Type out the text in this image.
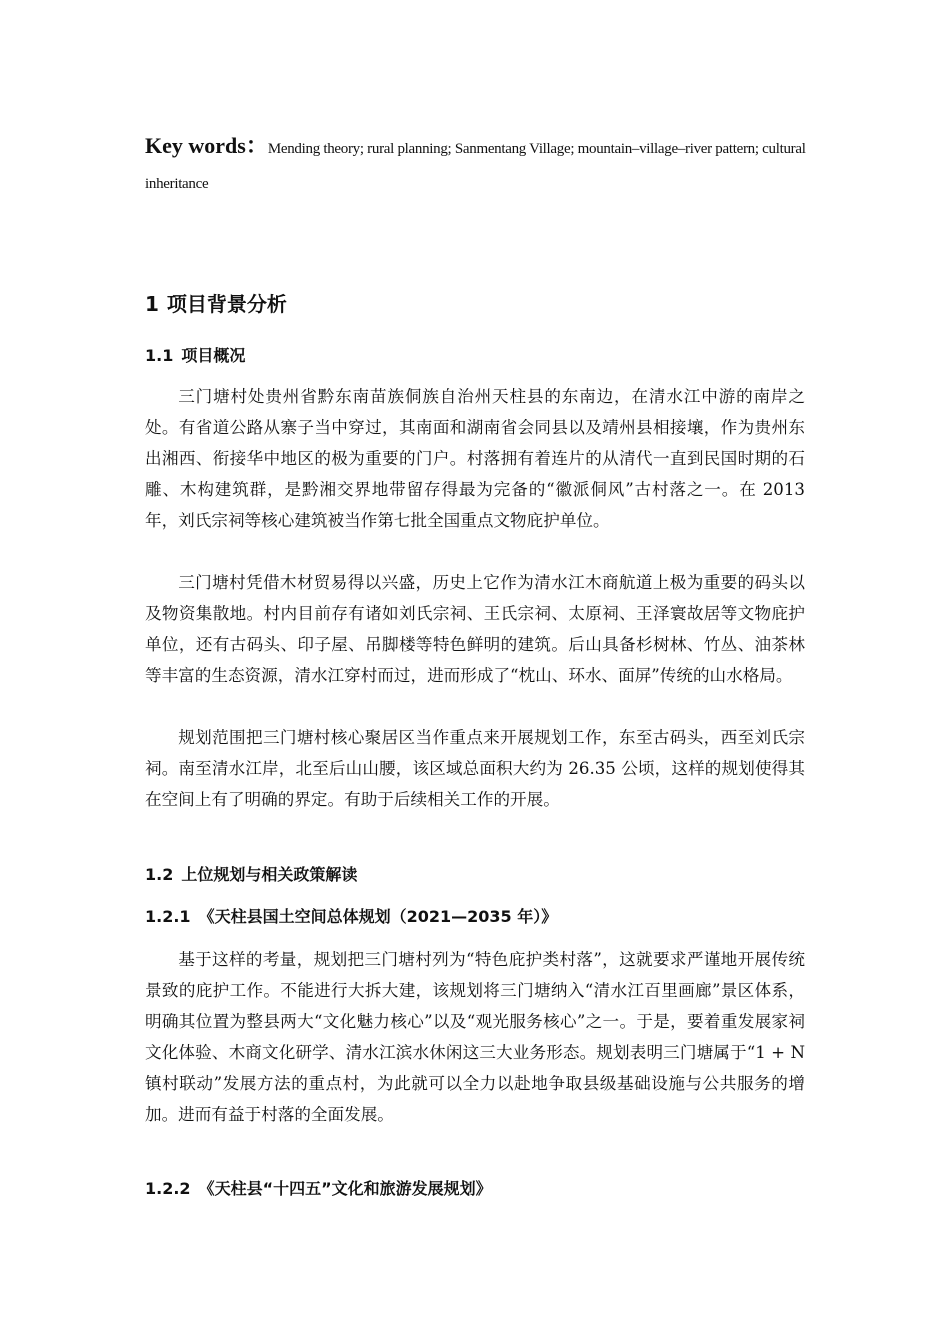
Key words：Mending theory; rural planning; Sanmentang Village; mountain–village–river pattern; cultural inheritance
1 项目背景分析
1.1 项目概况

三门塘村处贵州省黔东南苗族侗族自治州天柱县的东南边，在清水江中游的南岸之处。有省道公路从寨子当中穿过，其南面和湖南省会同县以及靖州县相接壤，作为贵州东出湘西、衔接华中地区的极为重要的门户。村落拥有着连片的从清代一直到民国时期的石雕、木构建筑群，是黔湘交界地带留存得最为完备的“徽派侗风”古村落之一。在 2013 年，刘氏宗祠等核心建筑被当作第七批全国重点文物庇护单位。

三门塘村凭借木材贸易得以兴盛，历史上它作为清水江木商航道上极为重要的码头以及物资集散地。村内目前存有诸如刘氏宗祠、王氏宗祠、太原祠、王泽寰故居等文物庇护单位，还有古码头、印子屋、吊脚楼等特色鲜明的建筑。后山具备杉树林、竹丛、油茶林等丰富的生态资源，清水江穿村而过，进而形成了“枕山、环水、面屏”传统的山水格局。

规划范围把三门塘村核心聚居区当作重点来开展规划工作，东至古码头，西至刘氏宗祠。南至清水江岸，北至后山山腰，该区域总面积大约为 26.35 公顷，这样的规划使得其在空间上有了明确的界定。有助于后续相关工作的开展。

1.2 上位规划与相关政策解读
1.2.1 《天柱县国土空间总体规划（2021—2035 年）》

基于这样的考量，规划把三门塘村列为“特色庇护类村落”，这就要求严谨地开展传统景致的庇护工作。不能进行大拆大建，该规划将三门塘纳入“清水江百里画廊”景区体系，明确其位置为整县两大“文化魅力核心”以及“观光服务核心”之一。于是，要着重发展家祠文化体验、木商文化研学、清水江滨水休闲这三大业务形态。规划表明三门塘属于“1 + N 镇村联动”发展方法的重点村，为此就可以全力以赴地争取县级基础设施与公共服务的增加。进而有益于村落的全面发展。

1.2.2 《天柱县“十四五”文化和旅游发展规划》
